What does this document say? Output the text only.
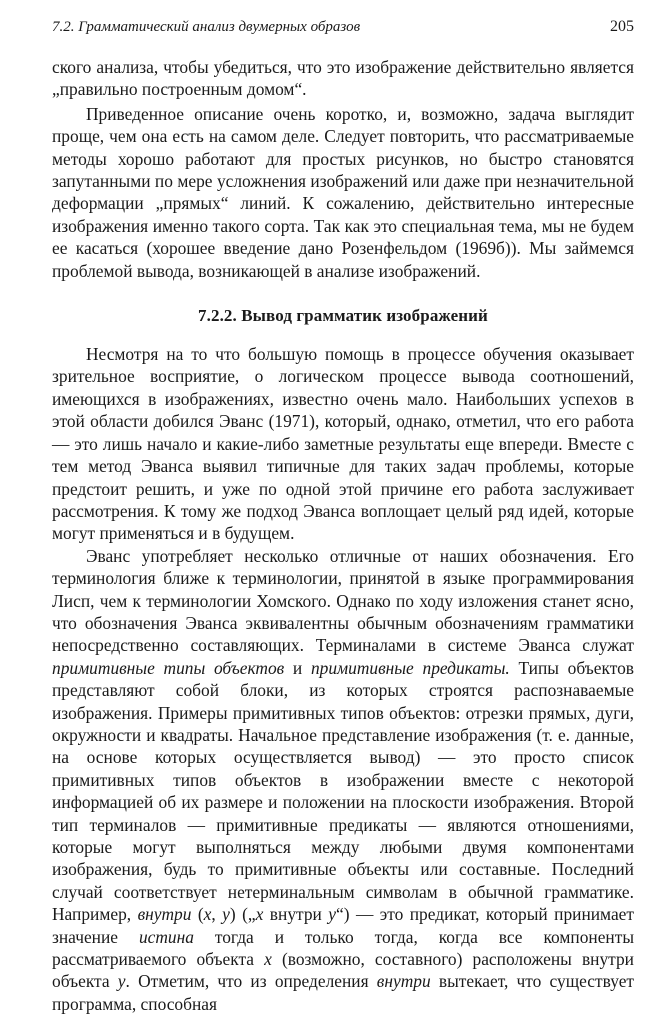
7.2. Грамматический анализ двумерных образов	205

ского анализа, чтобы убедиться, что это изображение действительно является „правильно построенным домом“.

Приведенное описание очень коротко, и, возможно, задача выглядит проще, чем она есть на самом деле. Следует повторить, что рассматриваемые методы хорошо работают для простых рисунков, но быстро становятся запутанными по мере усложнения изображений или даже при незначительной деформации „прямых“ линий. К сожалению, действительно интересные изображения именно такого сорта. Так как это специальная тема, мы не будем ее касаться (хорошее введение дано Розенфельдом (1969б)). Мы займемся проблемой вывода, возникающей в анализе изображений.

7.2.2. Вывод грамматик изображений

Несмотря на то что большую помощь в процессе обучения оказывает зрительное восприятие, о логическом процессе вывода соотношений, имеющихся в изображениях, известно очень мало. Наибольших успехов в этой области добился Эванс (1971), который, однако, отметил, что его работа — это лишь начало и какие-либо заметные результаты еще впереди. Вместе с тем метод Эванса выявил типичные для таких задач проблемы, которые предстоит решить, и уже по одной этой причине его работа заслуживает рассмотрения. К тому же подход Эванса воплощает целый ряд идей, которые могут применяться и в будущем.

Эванс употребляет несколько отличные от наших обозначения. Его терминология ближе к терминологии, принятой в языке программирования Лисп, чем к терминологии Хомского. Однако по ходу изложения станет ясно, что обозначения Эванса эквивалентны обычным обозначениям грамматики непосредственно составляющих. Терминалами в системе Эванса служат примитивные типы объектов и примитивные предикаты. Типы объектов представляют собой блоки, из которых строятся распознаваемые изображения. Примеры примитивных типов объектов: отрезки прямых, дуги, окружности и квадраты. Начальное представление изображения (т. е. данные, на основе которых осуществляется вывод) — это просто список примитивных типов объектов в изображении вместе с некоторой информацией об их размере и положении на плоскости изображения. Второй тип терминалов — примитивные предикаты — являются отношениями, которые могут выполняться между любыми двумя компонентами изображения, будь то примитивные объекты или составные. Последний случай соответствует нетерминальным символам в обычной грамматике. Например, внутри (x, y) („x внутри y“) — это предикат, который принимает значение истина тогда и только тогда, когда все компоненты рассматриваемого объекта x (возможно, составного) расположены внутри объекта y. Отметим, что из определения внутри вытекает, что существует программа, способная
